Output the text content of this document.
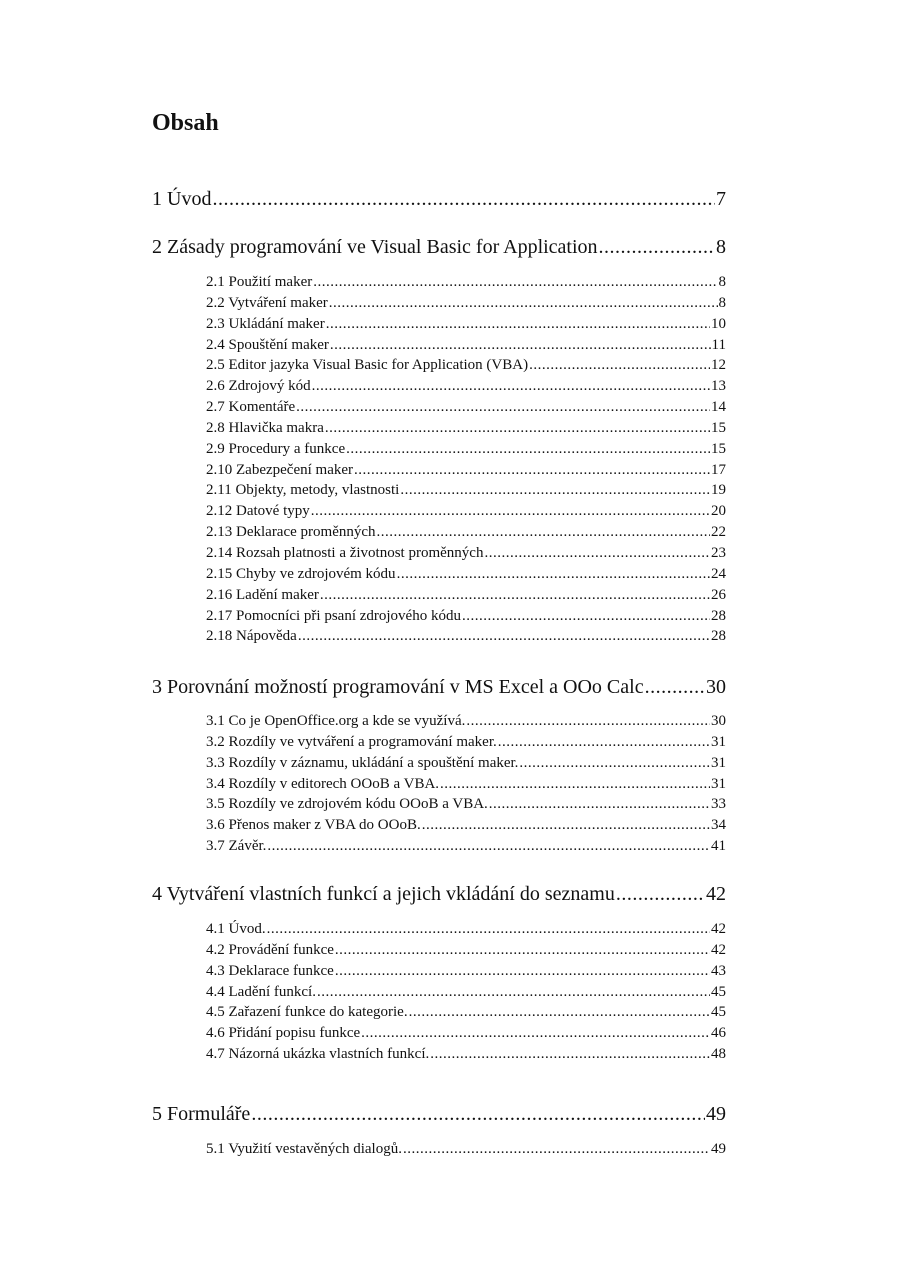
Obsah
1 Úvod .....	7
2 Zásady programování ve Visual Basic for Application .....	8
2.1 Použití maker .....	8
2.2 Vytváření maker .....	8
2.3 Ukládání maker .....	10
2.4 Spouštění maker .....	11
2.5 Editor jazyka Visual Basic for Application (VBA) .....	12
2.6 Zdrojový kód .....	13
2.7 Komentáře .....	14
2.8 Hlavička makra .....	15
2.9 Procedury a funkce .....	15
2.10 Zabezpečení maker .....	17
2.11 Objekty, metody, vlastnosti .....	19
2.12 Datové typy .....	20
2.13 Deklarace proměnných .....	22
2.14 Rozsah platnosti a životnost proměnných .....	23
2.15 Chyby ve zdrojovém kódu .....	24
2.16 Ladění maker .....	26
2.17 Pomocníci při psaní zdrojového kódu .....	28
2.18 Nápověda .....	28
3 Porovnání možností programování v MS Excel a OOo Calc .....	30
3.1 Co je OpenOffice.org a kde se využívá. .....	30
3.2 Rozdíly ve vytváření a programování maker. .....	31
3.3 Rozdíly v záznamu, ukládání a spouštění maker. .....	31
3.4 Rozdíly v editorech OOoB a VBA. .....	31
3.5 Rozdíly ve zdrojovém kódu OOoB a VBA. .....	33
3.6 Přenos maker z VBA do OOoB. .....	34
3.7 Závěr. .....	41
4 Vytváření vlastních funkcí a jejich vkládání do seznamu .....	42
4.1 Úvod. .....	42
4.2 Provádění funkce .....	42
4.3 Deklarace funkce .....	43
4.4 Ladění funkcí. .....	45
4.5 Zařazení funkce do kategorie. .....	45
4.6 Přidání popisu funkce .....	46
4.7 Názorná ukázka vlastních funkcí. .....	48
5 Formuláře .....	49
5.1 Využití vestavěných dialogů. .....	49
